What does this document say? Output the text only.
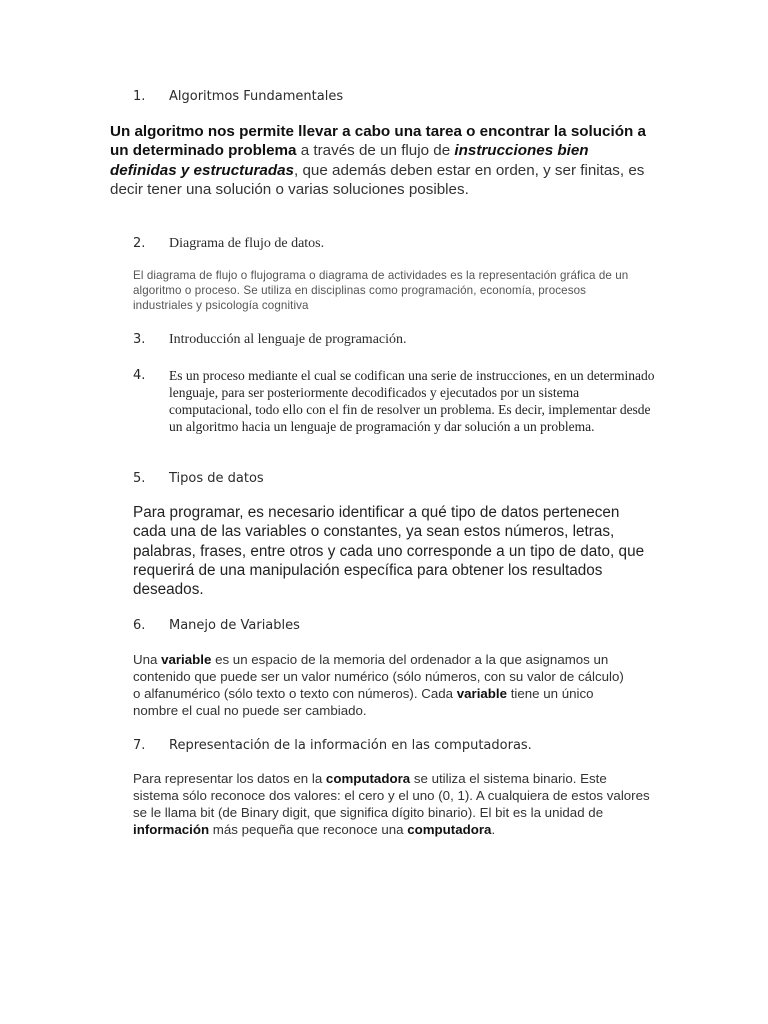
1. Algoritmos Fundamentales
Un algoritmo nos permite llevar a cabo una tarea o encontrar la solución a un determinado problema a través de un flujo de instrucciones bien definidas y estructuradas, que además deben estar en orden, y ser finitas, es decir tener una solución o varias soluciones posibles.
2. Diagrama de flujo de datos.
El diagrama de flujo o flujograma o diagrama de actividades es la representación gráfica de un algoritmo o proceso. Se utiliza en disciplinas como programación, economía, procesos industriales y psicología cognitiva
3. Introducción al lenguaje de programación.
4. Es un proceso mediante el cual se codifican una serie de instrucciones, en un determinado lenguaje, para ser posteriormente decodificados y ejecutados por un sistema computacional, todo ello con el fin de resolver un problema. Es decir, implementar desde un algoritmo hacia un lenguaje de programación y dar solución a un problema.
5. Tipos de datos
Para programar, es necesario identificar a qué tipo de datos pertenecen cada una de las variables o constantes, ya sean estos números, letras, palabras, frases, entre otros y cada uno corresponde a un tipo de dato, que requerirá de una manipulación específica para obtener los resultados deseados.
6. Manejo de Variables
Una variable es un espacio de la memoria del ordenador a la que asignamos un contenido que puede ser un valor numérico (sólo números, con su valor de cálculo) o alfanumérico (sólo texto o texto con números). Cada variable tiene un único nombre el cual no puede ser cambiado.
7. Representación de la información en las computadoras.
Para representar los datos en la computadora se utiliza el sistema binario. Este sistema sólo reconoce dos valores: el cero y el uno (0, 1). A cualquiera de estos valores se le llama bit (de Binary digit, que significa dígito binario). El bit es la unidad de información más pequeña que reconoce una computadora.
